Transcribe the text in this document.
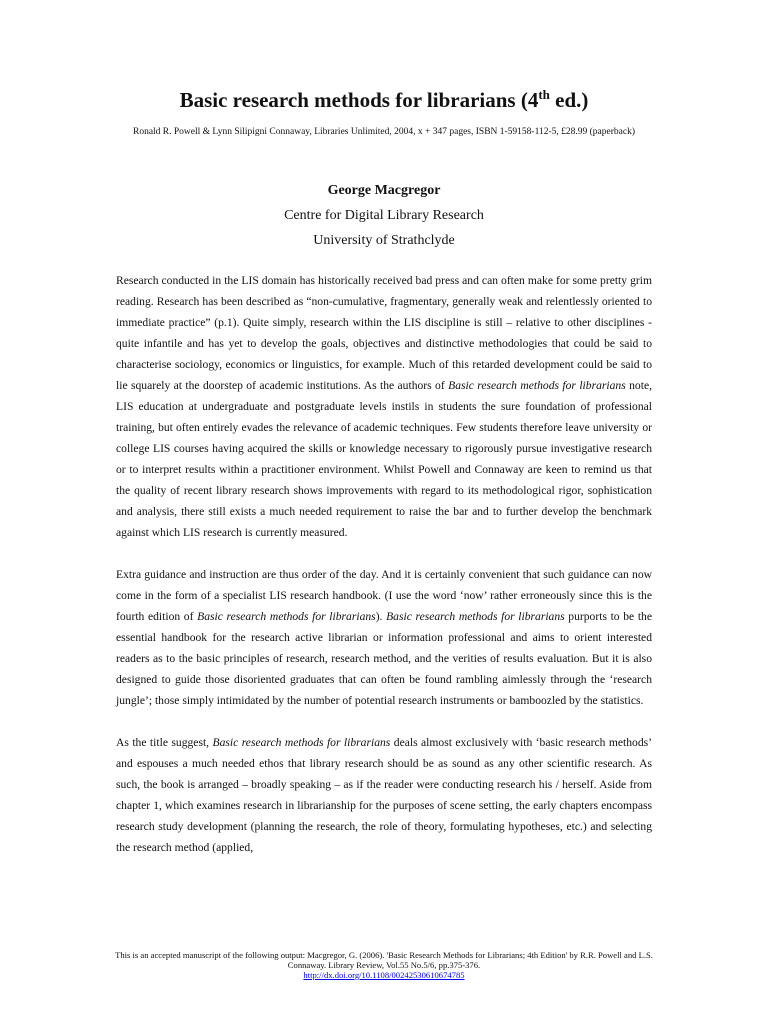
Basic research methods for librarians (4th ed.)
Ronald R. Powell & Lynn Silipigni Connaway, Libraries Unlimited, 2004, x + 347 pages, ISBN 1-59158-112-5, £28.99 (paperback)
George Macgregor
Centre for Digital Library Research
University of Strathclyde

Research conducted in the LIS domain has historically received bad press and can often make for some pretty grim reading. Research has been described as “non-cumulative, fragmentary, generally weak and relentlessly oriented to immediate practice” (p.1). Quite simply, research within the LIS discipline is still – relative to other disciplines - quite infantile and has yet to develop the goals, objectives and distinctive methodologies that could be said to characterise sociology, economics or linguistics, for example. Much of this retarded development could be said to lie squarely at the doorstep of academic institutions. As the authors of Basic research methods for librarians note, LIS education at undergraduate and postgraduate levels instils in students the sure foundation of professional training, but often entirely evades the relevance of academic techniques. Few students therefore leave university or college LIS courses having acquired the skills or knowledge necessary to rigorously pursue investigative research or to interpret results within a practitioner environment. Whilst Powell and Connaway are keen to remind us that the quality of recent library research shows improvements with regard to its methodological rigor, sophistication and analysis, there still exists a much needed requirement to raise the bar and to further develop the benchmark against which LIS research is currently measured.

Extra guidance and instruction are thus order of the day. And it is certainly convenient that such guidance can now come in the form of a specialist LIS research handbook. (I use the word ‘now’ rather erroneously since this is the fourth edition of Basic research methods for librarians). Basic research methods for librarians purports to be the essential handbook for the research active librarian or information professional and aims to orient interested readers as to the basic principles of research, research method, and the verities of results evaluation. But it is also designed to guide those disoriented graduates that can often be found rambling aimlessly through the ‘research jungle’; those simply intimidated by the number of potential research instruments or bamboozled by the statistics.

As the title suggest, Basic research methods for librarians deals almost exclusively with ‘basic research methods’ and espouses a much needed ethos that library research should be as sound as any other scientific research. As such, the book is arranged – broadly speaking – as if the reader were conducting research his / herself. Aside from chapter 1, which examines research in librarianship for the purposes of scene setting, the early chapters encompass research study development (planning the research, the role of theory, formulating hypotheses, etc.) and selecting the research method (applied,

This is an accepted manuscript of the following output: Macgregor, G. (2006). 'Basic Research Methods for Librarians; 4th Edition' by R.R. Powell and L.S. Connaway. Library Review, Vol.55 No.5/6, pp.375-376.
http://dx.doi.org/10.1108/00242530610674785
